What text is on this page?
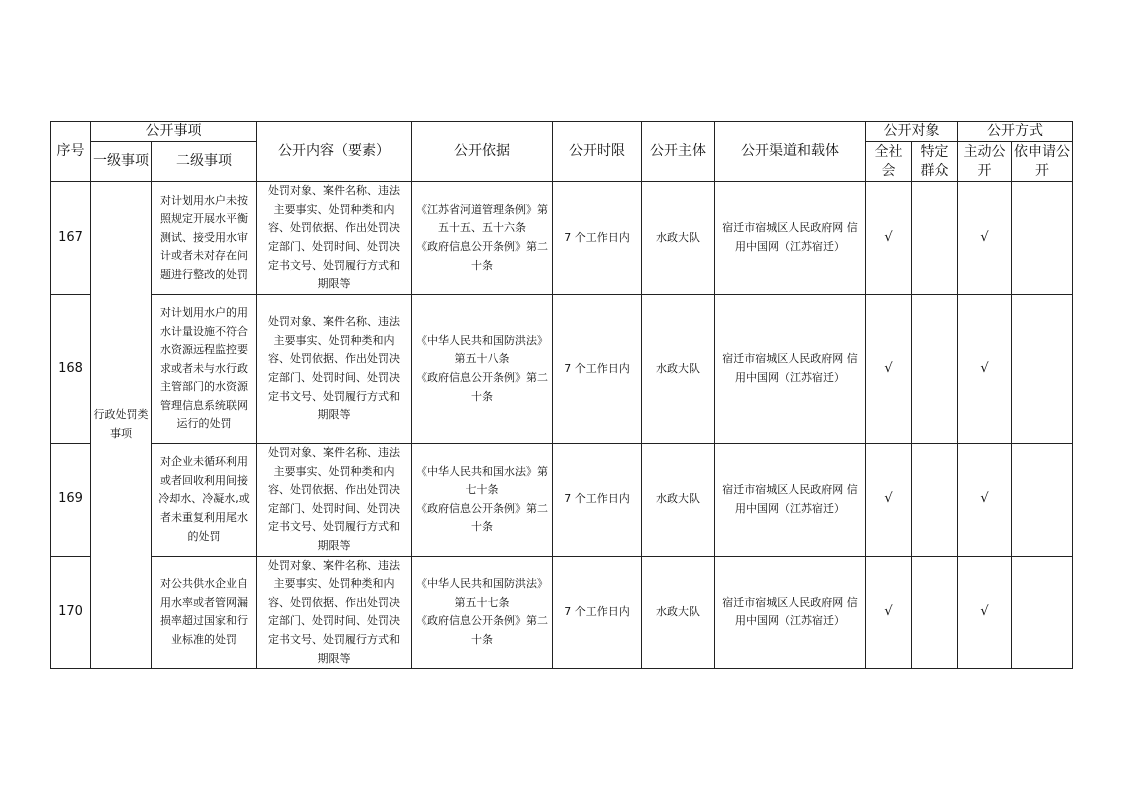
序号	公开事项		公开内容（要素）	公开依据	公开时限	公开主体	公开渠道和载体	公开对象		公开方式	
	一级事项	二级事项						全社会	特定群众	主动公开	依申请公开
167	行政处罚类事项	对计划用水户未按照规定开展水平衡测试、接受用水审计或者未对存在问题进行整改的处罚	处罚对象、案件名称、违法主要事实、处罚种类和内容、处罚依据、作出处罚决定部门、处罚时间、处罚决定书文号、处罚履行方式和期限等	《江苏省河道管理条例》第五十五、五十六条
《政府信息公开条例》第二十条	7 个工作日内	水政大队	宿迁市宿城区人民政府网 信用中国网（江苏宿迁）	√		√	
168		对计划用水户的用水计量设施不符合水资源远程监控要求或者未与水行政主管部门的水资源管理信息系统联网运行的处罚	处罚对象、案件名称、违法主要事实、处罚种类和内容、处罚依据、作出处罚决定部门、处罚时间、处罚决定书文号、处罚履行方式和期限等	《中华人民共和国防洪法》第五十八条
《政府信息公开条例》第二十条	7 个工作日内	水政大队	宿迁市宿城区人民政府网 信用中国网（江苏宿迁）	√		√	
169		对企业未循环利用或者回收利用间接冷却水、冷凝水,或者未重复利用尾水的处罚	处罚对象、案件名称、违法主要事实、处罚种类和内容、处罚依据、作出处罚决定部门、处罚时间、处罚决定书文号、处罚履行方式和期限等	《中华人民共和国水法》第七十条
《政府信息公开条例》第二十条	7 个工作日内	水政大队	宿迁市宿城区人民政府网 信用中国网（江苏宿迁）	√		√	
170		对公共供水企业自用水率或者管网漏损率超过国家和行业标准的处罚	处罚对象、案件名称、违法主要事实、处罚种类和内容、处罚依据、作出处罚决定部门、处罚时间、处罚决定书文号、处罚履行方式和期限等	《中华人民共和国防洪法》第五十七条
《政府信息公开条例》第二十条	7 个工作日内	水政大队	宿迁市宿城区人民政府网 信用中国网（江苏宿迁）	√		√	
